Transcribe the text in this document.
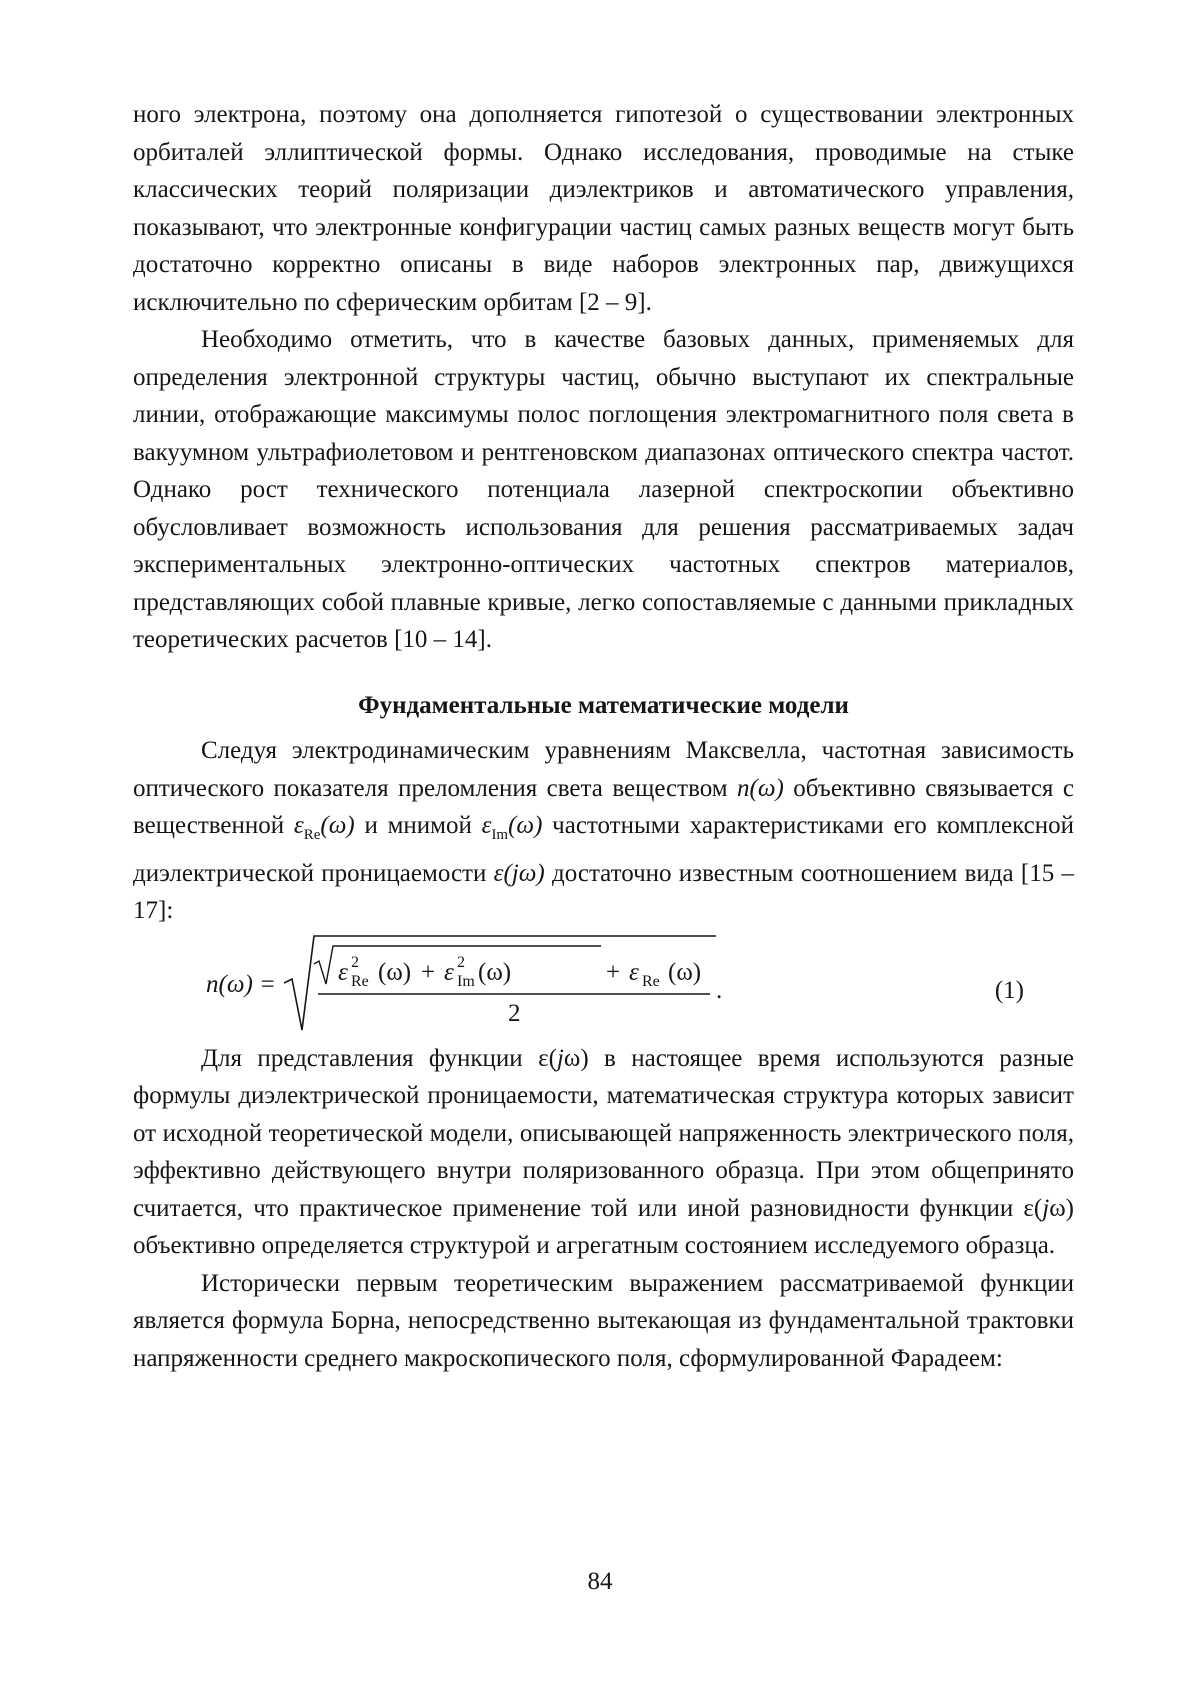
ного электрона, поэтому она дополняется гипотезой о существовании электронных орбиталей эллиптической формы. Однако исследования, проводимые на стыке классических теорий поляризации диэлектриков и автоматического управления, показывают, что электронные конфигурации частиц самых разных веществ могут быть достаточно корректно описаны в виде наборов электронных пар, движущихся исключительно по сферическим орбитам [2 – 9].

Необходимо отметить, что в качестве базовых данных, применяемых для определения электронной структуры частиц, обычно выступают их спектральные линии, отображающие максимумы полос поглощения электромагнитного поля света в вакуумном ультрафиолетовом и рентгеновском диапазонах оптического спектра частот. Однако рост технического потенциала лазерной спектроскопии объективно обусловливает возможность использования для решения рассматриваемых задач экспериментальных электронно-оптических частотных спектров материалов, представляющих собой плавные кривые, легко сопоставляемые с данными прикладных теоретических расчетов [10 – 14].

Фундаментальные математические модели

Следуя электродинамическим уравнениям Максвелла, частотная зависимость оптического показателя преломления света веществом n(ω) объективно связывается с вещественной $\varepsilon_{Re}(\omega)$ и мнимой $\varepsilon_{Im}(\omega)$ частотными характеристиками его комплексной диэлектрической проницаемости ε(jω) достаточно известным соотношением вида [15 – 17]:

n(ω) = ε 2
Re (ω) + ε 2
Im (ω)	+ ε Re (ω)
2
.	(1)

Для представления функции ε(jω) в настоящее время используются разные формулы диэлектрической проницаемости, математическая структура которых зависит от исходной теоретической модели, описывающей напряженность электрического поля, эффективно действующего внутри поляризованного образца. При этом общепринято считается, что практическое применение той или иной разновидности функции ε(jω) объективно определяется структурой и агрегатным состоянием исследуемого образца.

Исторически первым теоретическим выражением рассматриваемой функции является формула Борна, непосредственно вытекающая из фундаментальной трактовки напряженности среднего макроскопического поля, сформулированной Фарадеем:

84
